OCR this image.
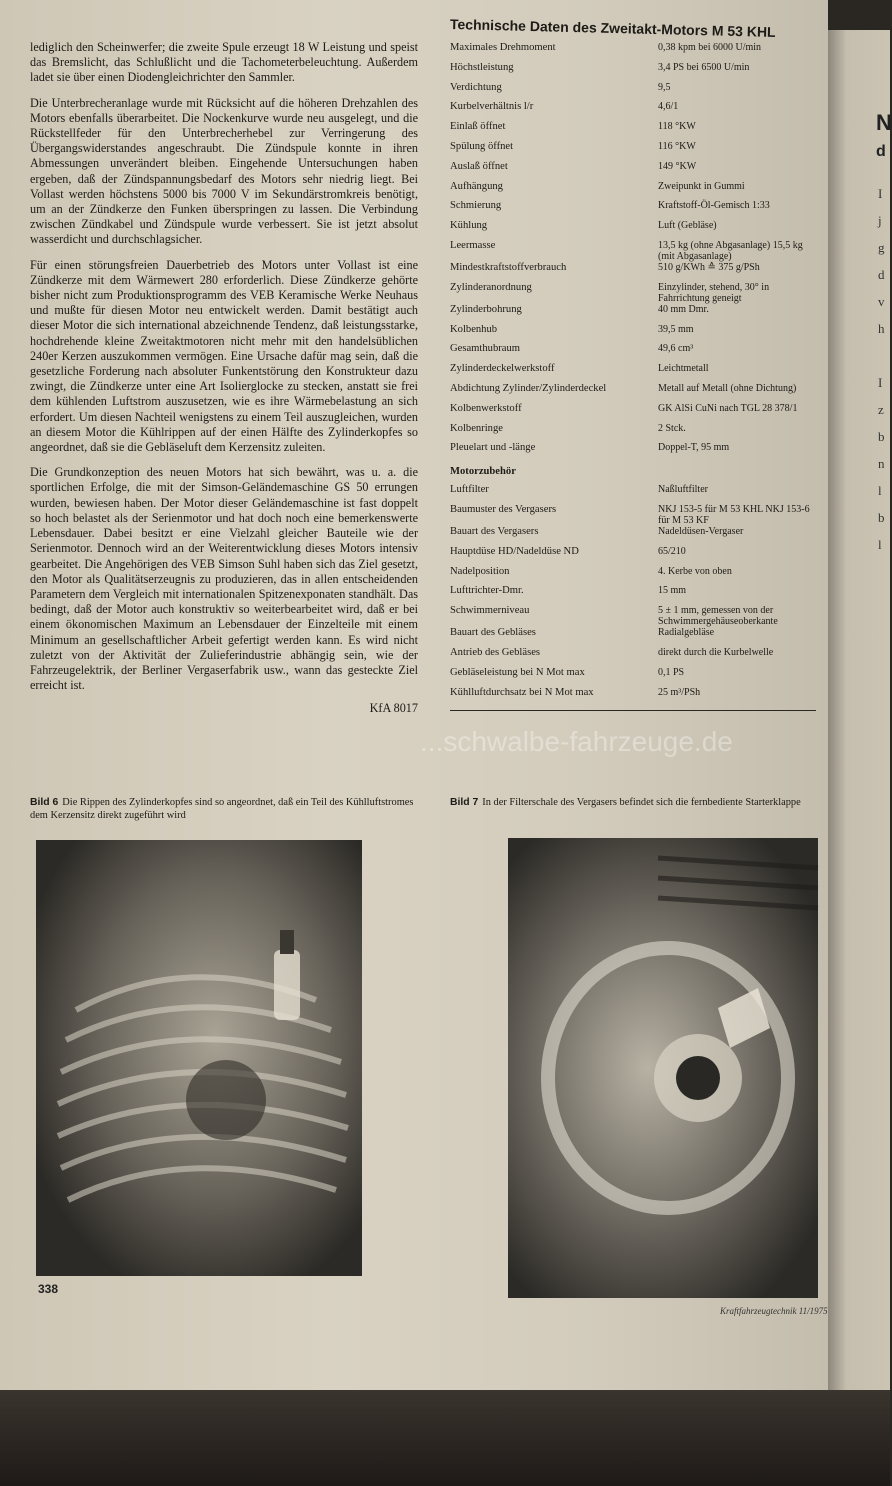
lediglich den Scheinwerfer; die zweite Spule erzeugt 18 W Leistung und speist das Bremslicht, das Schlußlicht und die Tachometerbeleuchtung. Außerdem ladet sie über einen Diodengleichrichter den Sammler.

Die Unterbrecheranlage wurde mit Rücksicht auf die höheren Drehzahlen des Motors ebenfalls überarbeitet. Die Nockenkurve wurde neu ausgelegt, und die Rückstellfeder für den Unterbrecherhebel zur Verringerung des Übergangswiderstandes angeschraubt. Die Zündspule konnte in ihren Abmessungen unverändert bleiben. Eingehende Untersuchungen haben ergeben, daß der Zündspannungsbedarf des Motors sehr niedrig liegt. Bei Vollast werden höchstens 5000 bis 7000 V im Sekundärstromkreis benötigt, um an der Zündkerze den Funken überspringen zu lassen. Die Verbindung zwischen Zündkabel und Zündspule wurde verbessert. Sie ist jetzt absolut wasserdicht und durchschlagsicher.

Für einen störungsfreien Dauerbetrieb des Motors unter Vollast ist eine Zündkerze mit dem Wärmewert 280 erforderlich. Diese Zündkerze gehörte bisher nicht zum Produktionsprogramm des VEB Keramische Werke Neuhaus und mußte für diesen Motor neu entwickelt werden. Damit bestätigt auch dieser Motor die sich international abzeichnende Tendenz, daß leistungsstarke, hochdrehende kleine Zweitaktmotoren nicht mehr mit den handelsüblichen 240er Kerzen auszukommen vermögen. Eine Ursache dafür mag sein, daß die gesetzliche Forderung nach absoluter Funkentstörung den Konstrukteur dazu zwingt, die Zündkerze unter eine Art Isolierglocke zu stecken, anstatt sie frei dem kühlenden Luftstrom auszusetzen, wie es ihre Wärmebelastung an sich erfordert. Um diesen Nachteil wenigstens zu einem Teil auszugleichen, wurden an diesem Motor die Kühlrippen auf der einen Hälfte des Zylinderkopfes so angeordnet, daß sie die Gebläseluft dem Kerzensitz zuleiten.

Die Grundkonzeption des neuen Motors hat sich bewährt, was u. a. die sportlichen Erfolge, die mit der Simson-Geländemaschine GS 50 errungen wurden, bewiesen haben. Der Motor dieser Geländemaschine ist fast doppelt so hoch belastet als der Serienmotor und hat doch noch eine bemerkenswerte Lebensdauer. Dabei besitzt er eine Vielzahl gleicher Bauteile wie der Serienmotor. Dennoch wird an der Weiterentwicklung dieses Motors intensiv gearbeitet. Die Angehörigen des VEB Simson Suhl haben sich das Ziel gesetzt, den Motor als Qualitätserzeugnis zu produzieren, das in allen entscheidenden Parametern dem Vergleich mit internationalen Spitzenexponaten standhält. Das bedingt, daß der Motor auch konstruktiv so weiterbearbeitet wird, daß er bei einem ökonomischen Maximum an Lebensdauer der Einzelteile mit einem Minimum an gesellschaftlicher Arbeit gefertigt werden kann. Es wird nicht zuletzt von der Aktivität der Zulieferindustrie abhängig sein, wie der Fahrzeugelektrik, der Berliner Vergaserfabrik usw., wann das gesteckte Ziel erreicht ist.

KfA 8017
Technische Daten des Zweitakt-Motors M 53 KHL
Maximales Drehmoment	0,38 kpm bei 6000 U/min
Höchstleistung	3,4 PS bei 6500 U/min
Verdichtung	9,5
Kurbelverhältnis l/r	4,6/1
Einlaß öffnet	118 °KW
Spülung öffnet	116 °KW
Auslaß öffnet	149 °KW
Aufhängung	Zweipunkt in Gummi
Schmierung	Kraftstoff-Öl-Gemisch 1:33
Kühlung	Luft (Gebläse)
Leermasse	13,5 kg (ohne Abgasanlage) 15,5 kg (mit Abgasanlage)
Mindestkraftstoffverbrauch	510 g/KWh ≙ 375 g/PSh
Zylinderanordnung	Einzylinder, stehend, 30° in Fahrrichtung geneigt
Zylinderbohrung	40 mm Dmr.
Kolbenhub	39,5 mm
Gesamthubraum	49,6 cm³
Zylinderdeckelwerkstoff	Leichtmetall
Abdichtung Zylinder/Zylinderdeckel	Metall auf Metall (ohne Dichtung)
Kolbenwerkstoff	GK AlSi CuNi nach TGL 28 378/1
Kolbenringe	2 Stck.
Pleuelart und -länge	Doppel-T, 95 mm
Motorzubehör	
Luftfilter	Naßluftfilter
Baumuster des Vergasers	NKJ 153-5 für M 53 KHL NKJ 153-6 für M 53 KF
Bauart des Vergasers	Nadeldüsen-Vergaser
Hauptdüse HD/Nadeldüse ND	65/210
Nadelposition	4. Kerbe von oben
Lufttrichter-Dmr.	15 mm
Schwimmerniveau	5 ± 1 mm, gemessen von der Schwimmergehäuseoberkante
Bauart des Gebläses	Radialgebläse
Antrieb des Gebläses	direkt durch die Kurbelwelle
Gebläseleistung bei N Mot max	0,1 PS
Kühlluftdurchsatz bei N Mot max	25 m³/PSh
Bild 6 Die Rippen des Zylinderkopfes sind so angeordnet, daß ein Teil des Kühlluftstromes dem Kerzensitz direkt zugeführt wird
Bild 7 In der Filterschale des Vergasers befindet sich die fernbediente Starterklappe
...schwalbe-fahrzeuge.de
338
Kraftfahrzeugtechnik 11/1975
N
d
I
j
g
d
v
h

I
z
b
n
l
b
l
